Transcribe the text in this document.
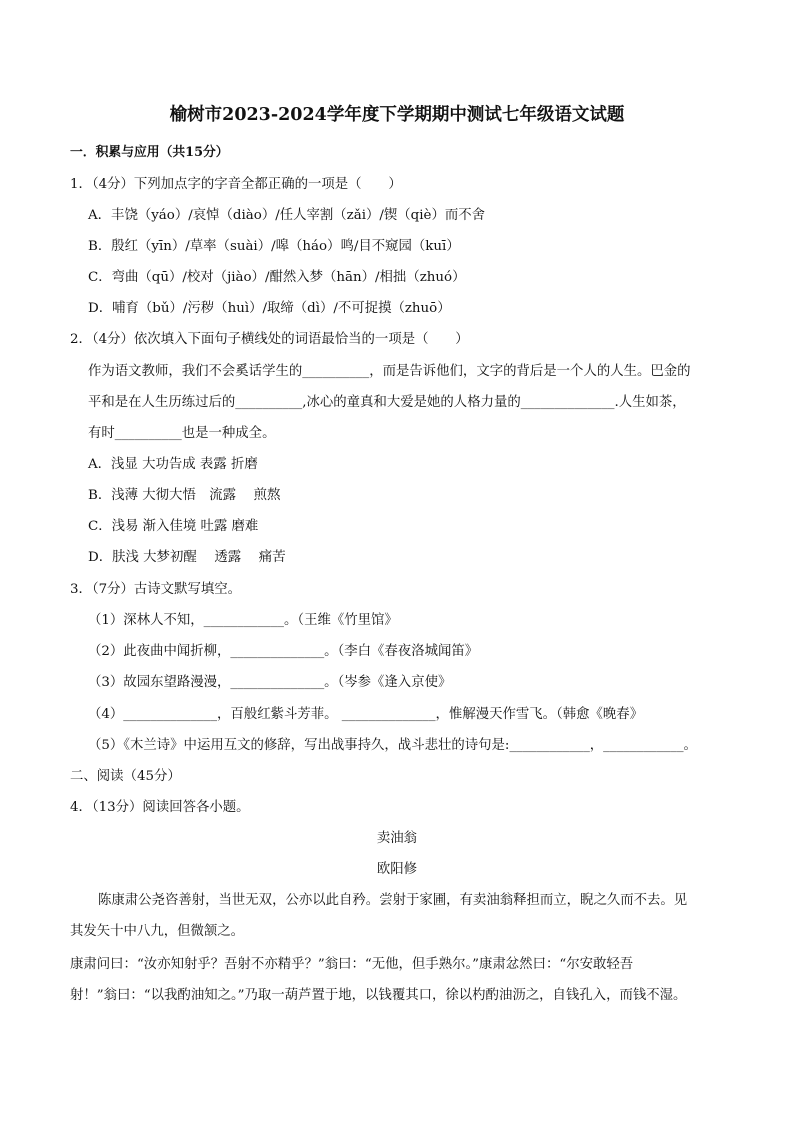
榆树市2023-2024学年度下学期期中测试七年级语文试题
一．积累与应用（共15分）
1．（4分）下列加点字的字音全都正确的一项是（　　）
A．丰饶（yáo）/哀悼（diào）/任人宰割（zǎi）/锲（qiè）而不舍
B．殷红（yīn）/草率（suài）/嗥（háo）鸣/目不窥园（kuī）
C．弯曲（qū）/校对（jiào）/酣然入梦（hān）/相拙（zhuó）
D．哺育（bǔ）/污秽（huì）/取缔（dì）/不可捉摸（zhuō）
2．（4分）依次填入下面句子横线处的词语最恰当的一项是（　　）
作为语文教师，我们不会奚话学生的__________，而是告诉他们，文字的背后是一个人的人生。巴金的
平和是在人生历练过后的__________,冰心的童真和大爱是她的人格力量的______________.人生如茶，
有时__________也是一种成全。
A．浅显 大功告成 表露 折磨
B．浅薄 大彻大悟　流露　 煎熬
C．浅易 渐入佳境 吐露 磨难
D．肤浅 大梦初醒　 透露　 痛苦
3．（7分）古诗文默写填空。
（1）深林人不知，____________。（王维《竹里馆》
（2）此夜曲中闻折柳，______________。（李白《春夜洛城闻笛》
（3）故园东望路漫漫，______________。（岑参《逢入京使》
（4）______________，百般红紫斗芳菲。 ______________，惟解漫天作雪飞。（韩愈《晚春》
（5）《木兰诗》中运用互文的修辞，写出战事持久，战斗悲壮的诗句是:____________，____________。
二、阅读（45分）
4．（13分）阅读回答各小题。
卖油翁
欧阳修
陈康肃公尧咨善射，当世无双，公亦以此自矜。尝射于家圃，有卖油翁释担而立，睨之久而不去。见
其发矢十中八九，但微颔之。
康肃问曰：“汝亦知射乎？吾射不亦精乎？”翁曰：“无他，但手熟尔。”康肃忿然曰：“尔安敢轻吾
射！”翁曰：“以我酌油知之。”乃取一葫芦置于地，以钱覆其口，徐以杓酌油沥之，自钱孔入，而钱不湿。
